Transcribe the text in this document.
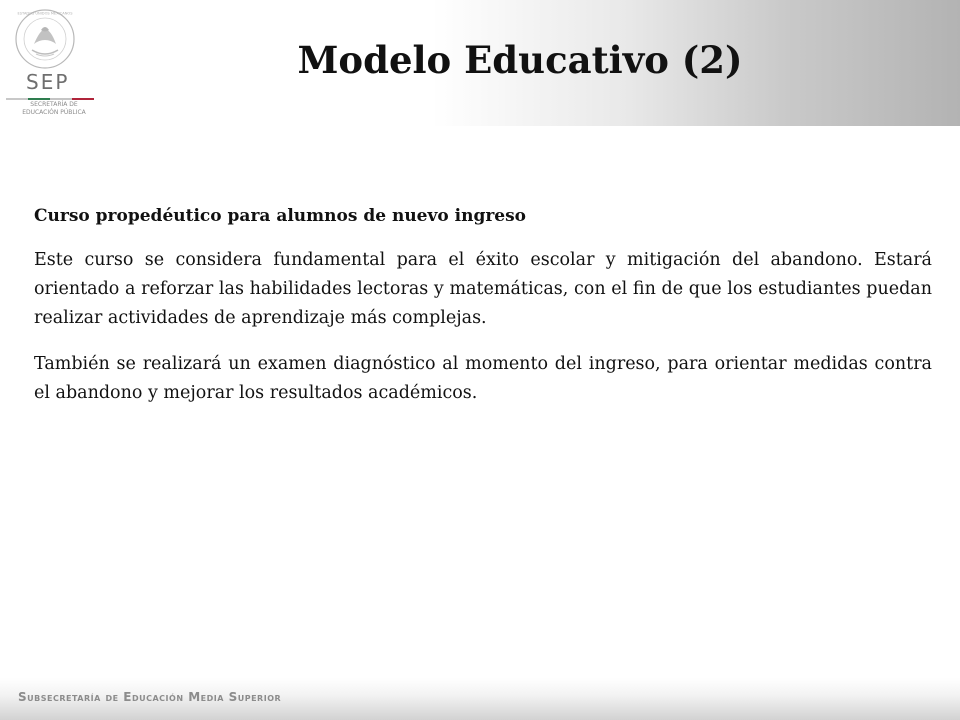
ESTADOS UNIDOS MEXICANOS
SEP
SECRETARÍA DE
EDUCACIÓN PÚBLICA
Modelo Educativo (2)

Curso propedéutico para alumnos de nuevo ingreso

Este curso se considera fundamental para el éxito escolar y mitigación del abandono. Estará orientado a reforzar las habilidades lectoras y matemáticas, con el fin de que los estudiantes puedan realizar actividades de aprendizaje más complejas.

También se realizará un examen diagnóstico al momento del ingreso, para orientar medidas contra el abandono y mejorar los resultados académicos.

Subsecretaría de Educación Media Superior
